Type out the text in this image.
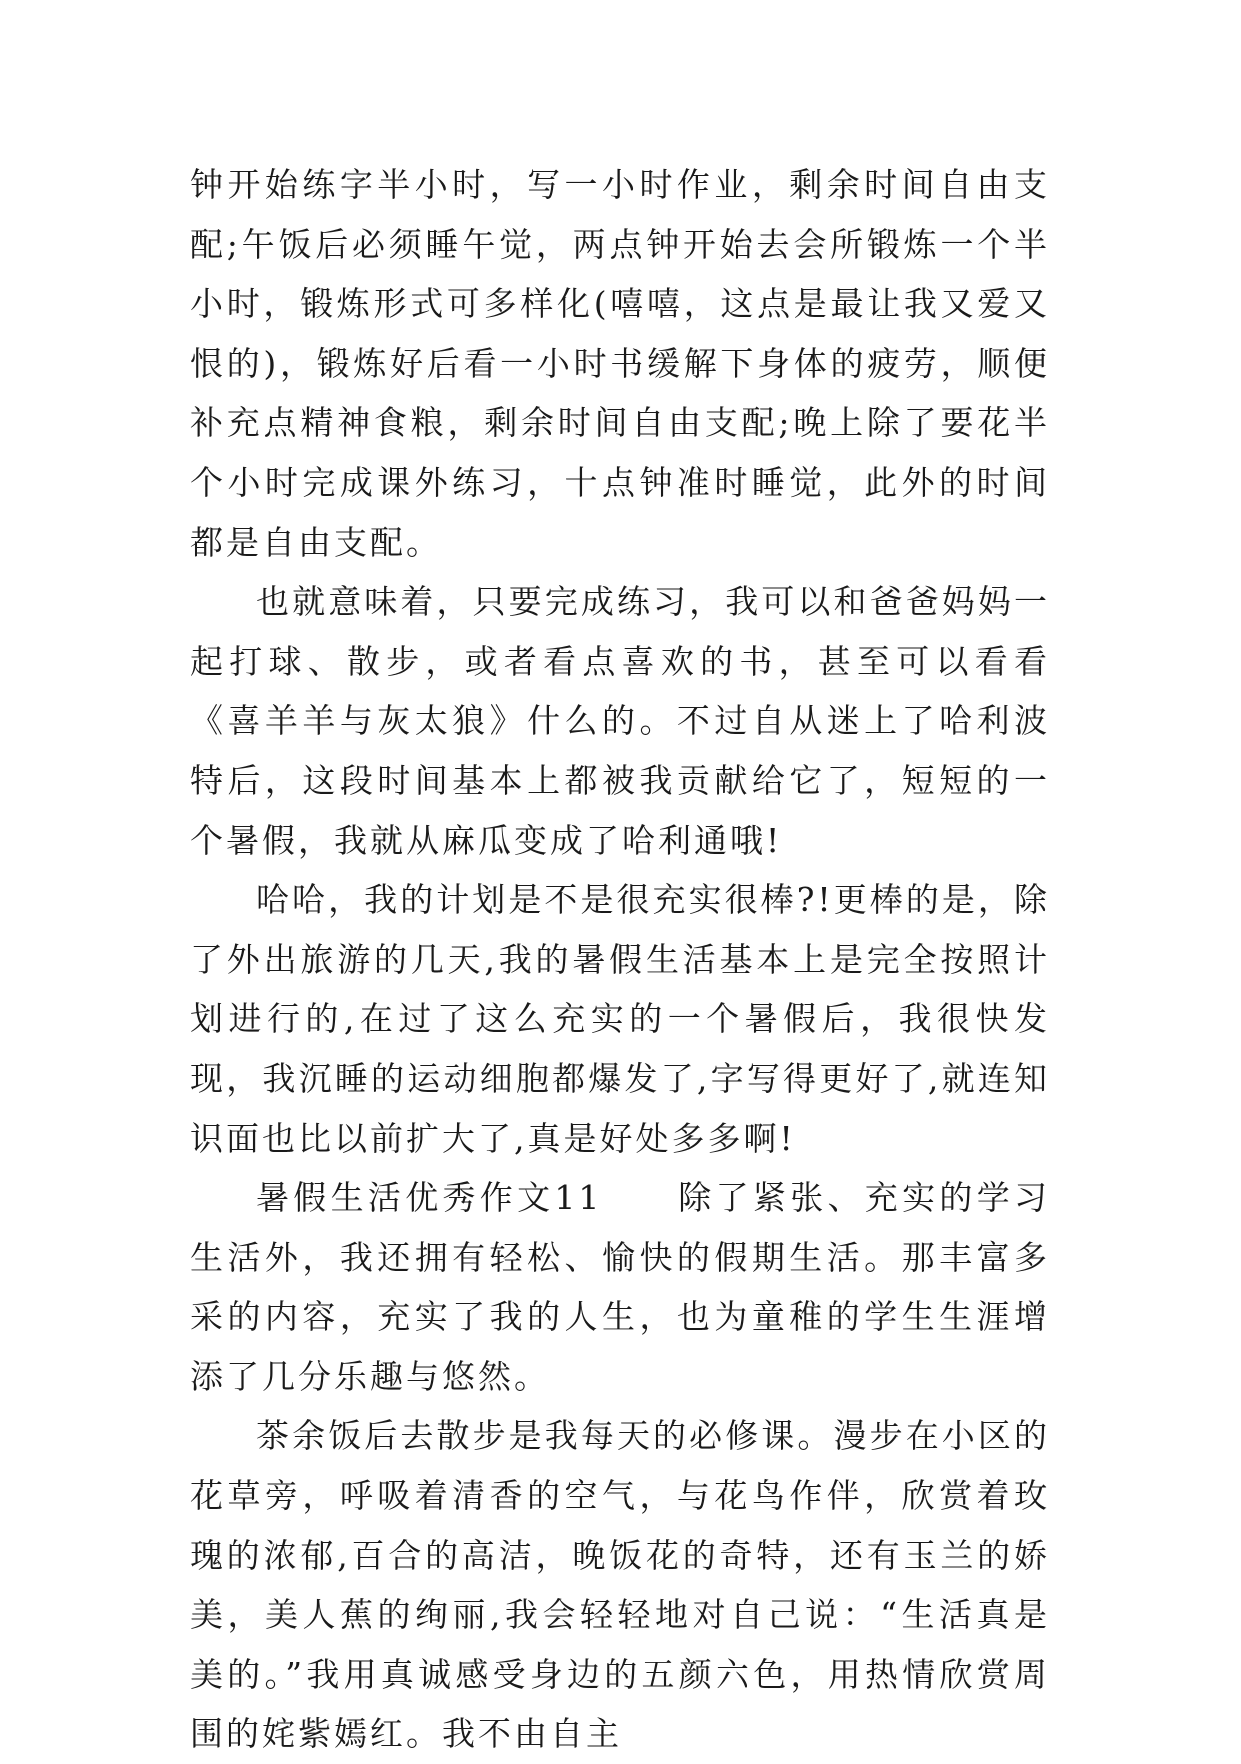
钟开始练字半小时，写一小时作业，剩余时间自由支配;午饭后必须睡午觉，两点钟开始去会所锻炼一个半小时，锻炼形式可多样化(嘻嘻，这点是最让我又爱又恨的)，锻炼好后看一小时书缓解下身体的疲劳，顺便补充点精神食粮，剩余时间自由支配;晚上除了要花半个小时完成课外练习，十点钟准时睡觉，此外的时间都是自由支配。

也就意味着，只要完成练习，我可以和爸爸妈妈一起打球、散步，或者看点喜欢的书，甚至可以看看《喜羊羊与灰太狼》什么的。不过自从迷上了哈利波特后，这段时间基本上都被我贡献给它了，短短的一个暑假，我就从麻瓜变成了哈利通哦!

哈哈，我的计划是不是很充实很棒?!更棒的是，除了外出旅游的几天,我的暑假生活基本上是完全按照计划进行的,在过了这么充实的一个暑假后，我很快发现，我沉睡的运动细胞都爆发了,字写得更好了,就连知识面也比以前扩大了,真是好处多多啊!

暑假生活优秀作文11　　除了紧张、充实的学习生活外，我还拥有轻松、愉快的假期生活。那丰富多采的内容，充实了我的人生，也为童稚的学生生涯增添了几分乐趣与悠然。

茶余饭后去散步是我每天的必修课。漫步在小区的花草旁，呼吸着清香的空气，与花鸟作伴，欣赏着玫瑰的浓郁,百合的高洁，晚饭花的奇特，还有玉兰的娇美，美人蕉的绚丽,我会轻轻地对自己说：“生活真是美的。”我用真诚感受身边的五颜六色，用热情欣赏周围的姹紫嫣红。我不由自主
